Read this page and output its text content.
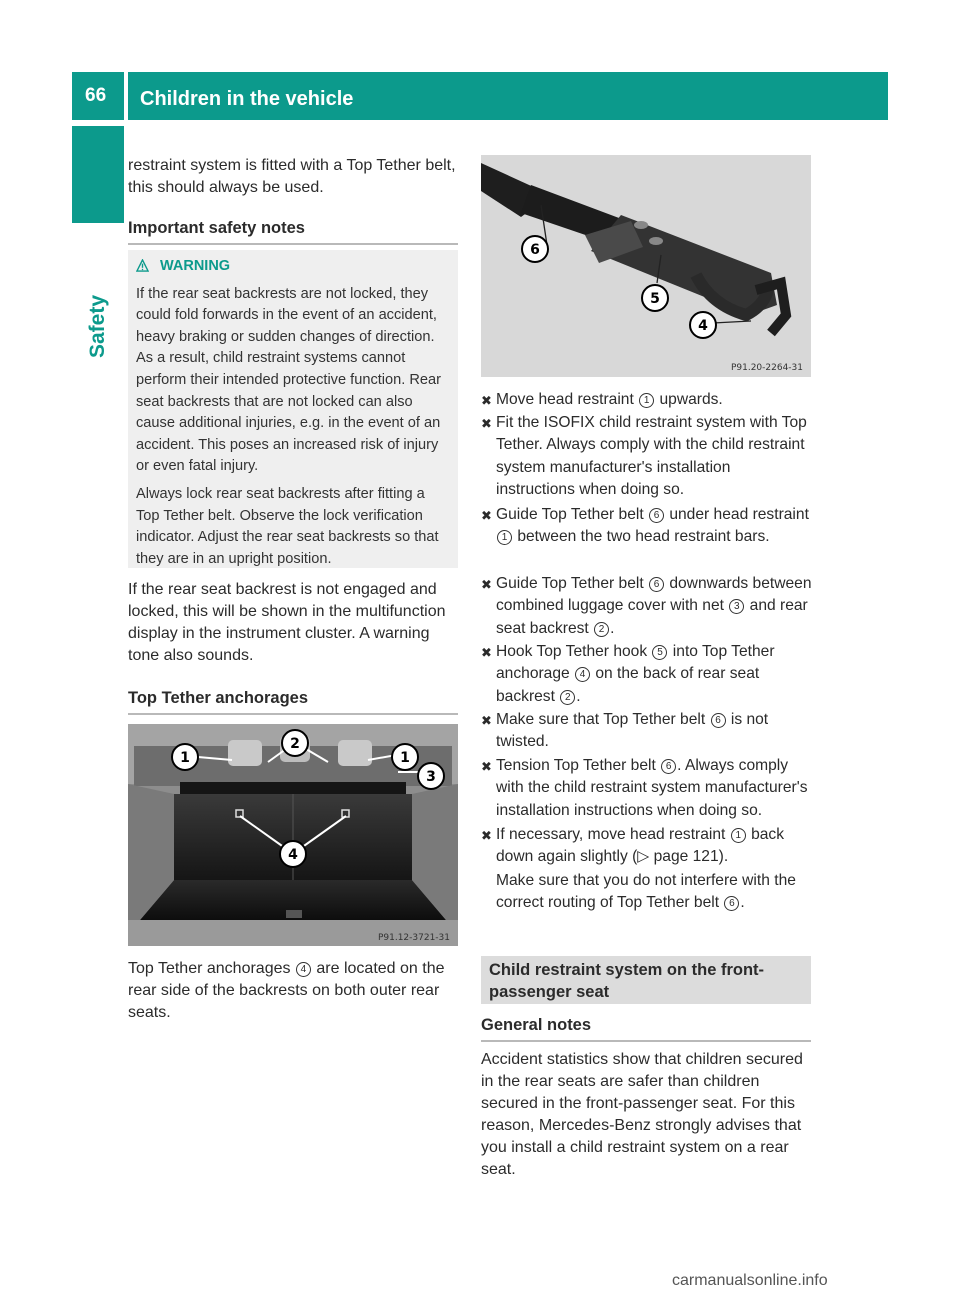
66	Children in the vehicle
Safety
restraint system is fitted with a Top Tether belt, this should always be used.
Important safety notes
WARNING

If the rear seat backrests are not locked, they could fold forwards in the event of an accident, heavy braking or sudden changes of direction. As a result, child restraint systems cannot perform their intended protective function. Rear seat backrests that are not locked can also cause additional injuries, e.g. in the event of an accident. This poses an increased risk of injury or even fatal injury.

Always lock rear seat backrests after fitting a Top Tether belt. Observe the lock verification indicator. Adjust the rear seat backrests so that they are in an upright position.

If the rear seat backrest is not engaged and locked, this will be shown in the multifunction display in the instrument cluster. A warning tone also sounds.
Top Tether anchorages
1
2
1
3
4
P91.12-3721-31
Top Tether anchorages 4 are located on the rear side of the backrests on both outer rear seats.
6
5
4
P91.20-2264-31
✖ Move head restraint 1 upwards.
✖ Fit the ISOFIX child restraint system with Top Tether. Always comply with the child restraint system manufacturer's installation instructions when doing so.
✖ Guide Top Tether belt 6 under head restraint 1 between the two head restraint bars.
✖ Guide Top Tether belt 6 downwards between combined luggage cover with net 3 and rear seat backrest 2 .
✖ Hook Top Tether hook 5 into Top Tether anchorage 4 on the back of rear seat backrest 2 .
✖ Make sure that Top Tether belt 6 is not twisted.
✖ Tension Top Tether belt 6 . Always comply with the child restraint system manufacturer's installation instructions when doing so.
✖ If necessary, move head restraint 1 back down again slightly (▷ page 121).
Make sure that you do not interfere with the correct routing of Top Tether belt 6 .
Child restraint system on the front-passenger seat
General notes
Accident statistics show that children secured in the rear seats are safer than children secured in the front-passenger seat. For this reason, Mercedes-Benz strongly advises that you install a child restraint system on a rear seat.
carmanualsonline.info
